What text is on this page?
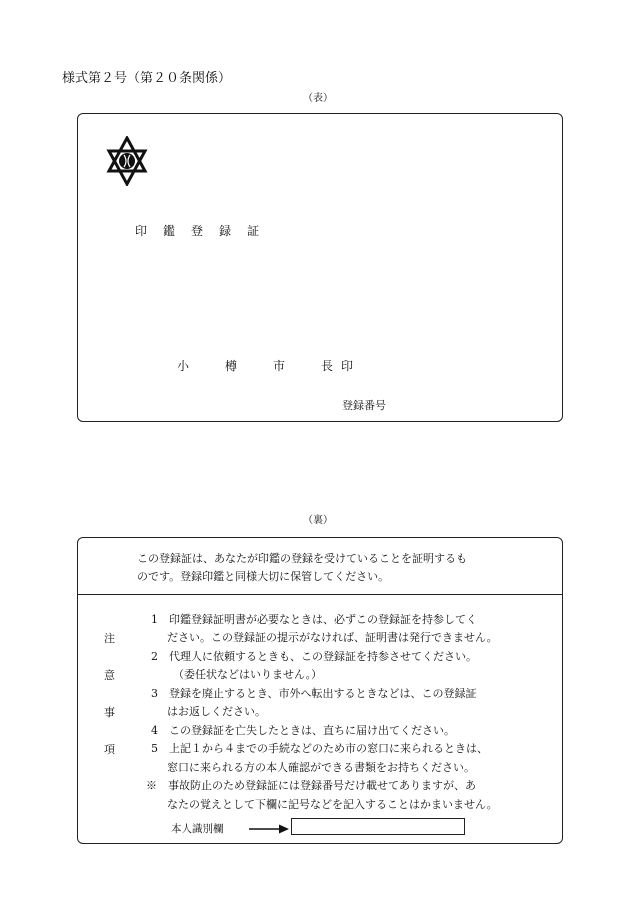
様式第２号（第２０条関係）
（表）
印 鑑 登 録 証
小	樽	市	長 印
登録番号
（裏）
この登録証は、あなたが印鑑の登録を受けていることを証明するも
のです。登録印鑑と同様大切に保管してください。
注
意
事
項
1　印鑑登録証明書が必要なときは、必ずこの登録証を持参してく
ださい。この登録証の提示がなければ、証明書は発行できません。
2　代理人に依頼するときも、この登録証を持参させてください。
（委任状などはいりません。）
3　登録を廃止するとき、市外へ転出するときなどは、この登録証
はお返しください。
4　この登録証を亡失したときは、直ちに届け出てください。
5　上記１から４までの手続などのため市の窓口に来られるときは、
窓口に来られる方の本人確認ができる書類をお持ちください。
※　事故防止のため登録証には登録番号だけ載せてありますが、あ
なたの覚えとして下欄に記号などを記入することはかまいません。
本人識別欄
